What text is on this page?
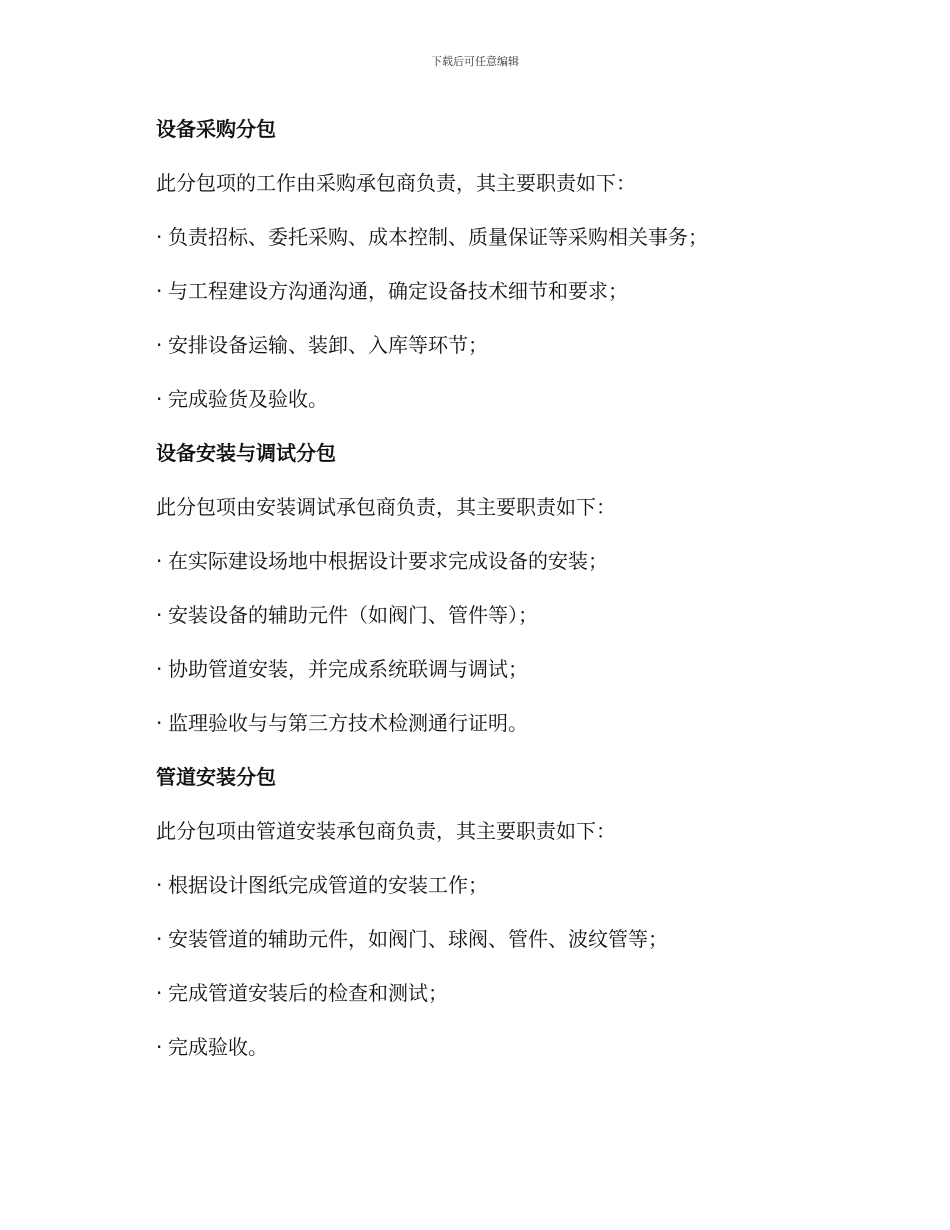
下载后可任意编辑
设备采购分包
此分包项的工作由采购承包商负责，其主要职责如下：
· 负责招标、委托采购、成本控制、质量保证等采购相关事务；
· 与工程建设方沟通沟通，确定设备技术细节和要求；
· 安排设备运输、装卸、入库等环节；
· 完成验货及验收。
设备安装与调试分包
此分包项由安装调试承包商负责，其主要职责如下：
· 在实际建设场地中根据设计要求完成设备的安装；
· 安装设备的辅助元件（如阀门、管件等）；
· 协助管道安装，并完成系统联调与调试；
· 监理验收与与第三方技术检测通行证明。
管道安装分包
此分包项由管道安装承包商负责，其主要职责如下：
· 根据设计图纸完成管道的安装工作；
· 安装管道的辅助元件，如阀门、球阀、管件、波纹管等；
· 完成管道安装后的检查和测试；
· 完成验收。
